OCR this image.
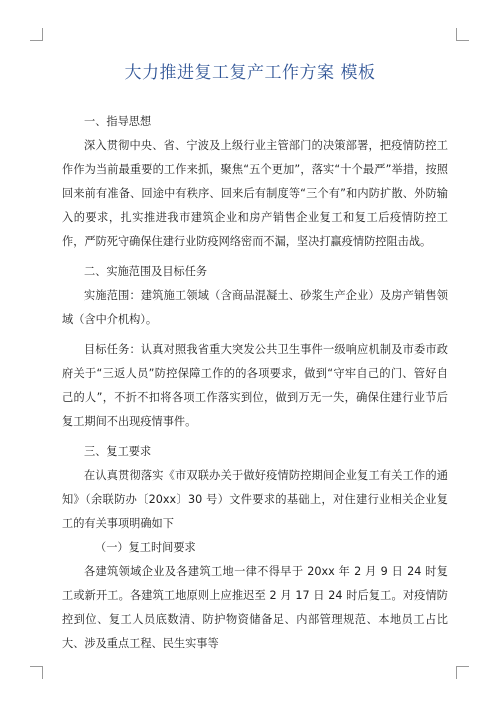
大力推进复工复产工作方案 模板

一、指导思想

深入贯彻中央、省、宁波及上级行业主管部门的决策部署，把疫情防控工作作为当前最重要的工作来抓，聚焦“五个更加”，落实“十个最严”举措，按照回来前有准备、回途中有秩序、回来后有制度等“三个有”和内防扩散、外防输入的要求，扎实推进我市建筑企业和房产销售企业复工和复工后疫情防控工作，严防死守确保住建行业防疫网络密而不漏，坚决打赢疫情防控阻击战。

二、实施范围及目标任务

实施范围：建筑施工领域（含商品混凝土、砂浆生产企业）及房产销售领域（含中介机构）。

目标任务：认真对照我省重大突发公共卫生事件一级响应机制及市委市政府关于“三返人员”防控保障工作的的各项要求，做到“守牢自己的门、管好自己的人”，不折不扣将各项工作落实到位，做到万无一失，确保住建行业节后复工期间不出现疫情事件。

三、复工要求

在认真贯彻落实《市双联办关于做好疫情防控期间企业复工有关工作的通知》（余联防办〔20xx〕30 号）文件要求的基础上，对住建行业相关企业复工的有关事项明确如下

（一）复工时间要求

各建筑领域企业及各建筑工地一律不得早于 20xx 年 2 月 9 日 24 时复工或新开工。各建筑工地原则上应推迟至 2 月 17 日 24 时后复工。对疫情防控到位、复工人员底数清、防护物资储备足、内部管理规范、本地员工占比大、涉及重点工程、民生实事等
